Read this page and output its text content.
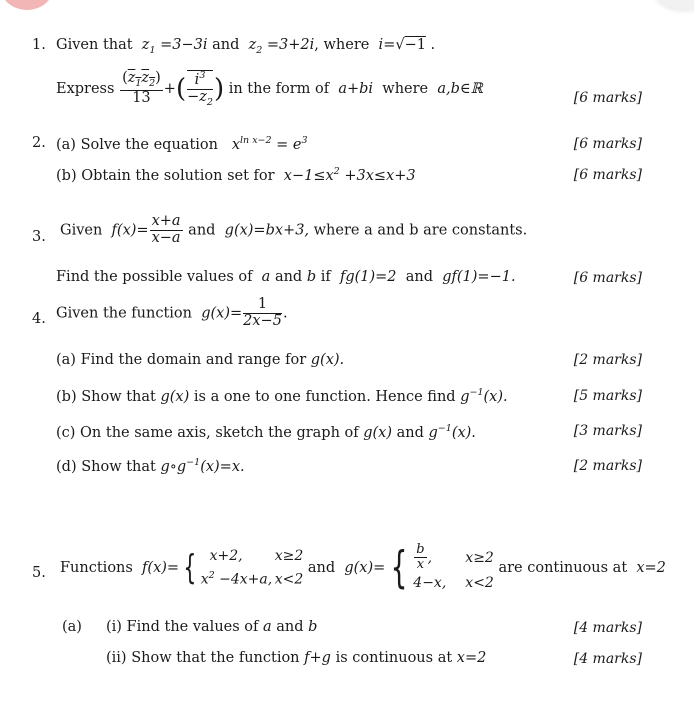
1. Given that  $z_1 =3-3i$ and  $z_2 =3+2i$, where  i=√−1 .
Express $\frac{(z_1z_2)}{13}$ +( $\frac{i^3}{-z_2}$ ) in the form of  a+bi  where  a,b∈ℝ
[6 marks]
2. (a) Solve the equation   $x^{ln x-2} = e^3$	[6 marks]
(b) Obtain the solution set for  $x-1\le x^2 +3x\le x+3$	[6 marks]
3. Given  $f(x)= \frac{x+a}{x-a}$ and  g(x)=bx+3, where a and b are constants.
Find the possible values of  a and b if  fg(1)=2  and  gf(1)=−1.	[6 marks]
4. Given the function  $g(x)= \frac{1}{2x-5}$ .
(a) Find the domain and range for g(x).	[2 marks]
(b) Show that g(x) is a one to one function. Hence find $g^{-1}(x)$.	[5 marks]
(c) On the same axis, sketch the graph of g(x) and $g^{-1}(x)$.	[3 marks]
(d) Show that $g\circ g^{-1}(x)=x$.	[2 marks]
5. Functions  f(x)= { x+2, x≥2
$x^2 -4x+a$, x<2
and  g(x)= { $\frac{b}{x}$ , x≥2
4−x, x<2
are continuous at  x=2
(a) (i) Find the values of a and b	[4 marks]
(ii) Show that the function f+g is continuous at x=2	[4 marks]
